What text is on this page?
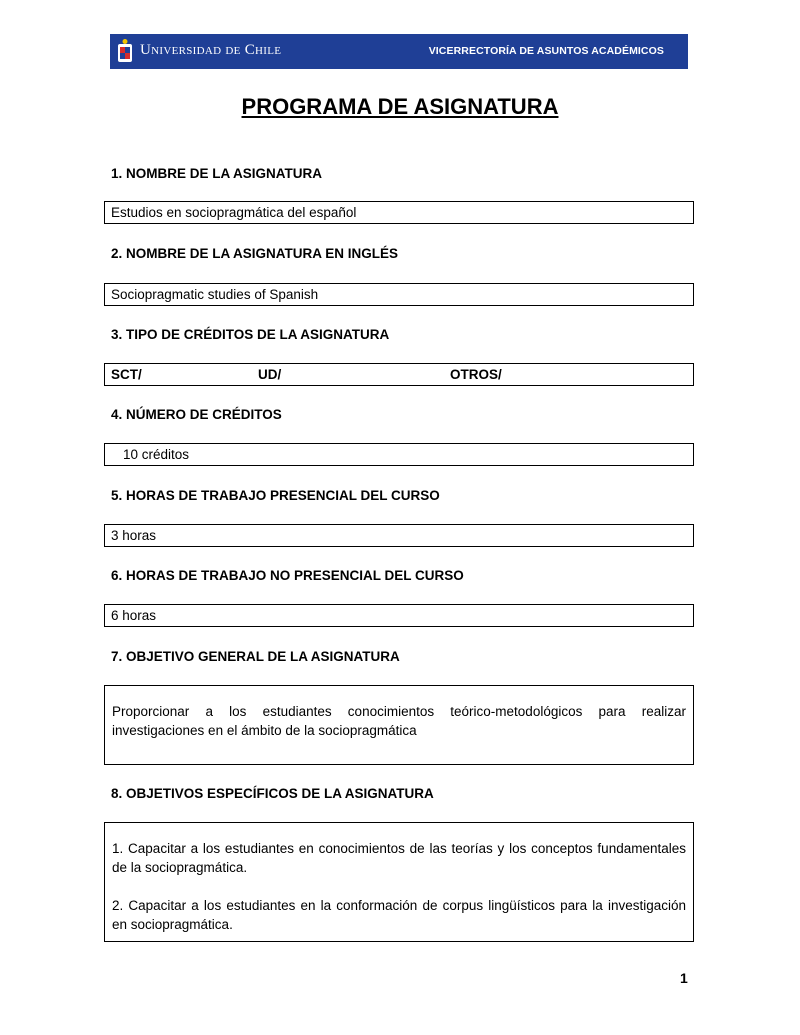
Universidad de Chile	VICERRECTORÍA DE ASUNTOS ACADÉMICOS
PROGRAMA DE ASIGNATURA
1. NOMBRE DE LA ASIGNATURA
Estudios en sociopragmática del español
2. NOMBRE DE LA ASIGNATURA EN INGLÉS
Sociopragmatic studies of Spanish
3. TIPO DE CRÉDITOS DE LA ASIGNATURA
SCT/	UD/	OTROS/
4. NÚMERO DE CRÉDITOS
10 créditos
5. HORAS DE TRABAJO PRESENCIAL DEL CURSO
3 horas
6. HORAS DE TRABAJO NO PRESENCIAL DEL CURSO
6 horas
7. OBJETIVO GENERAL DE LA ASIGNATURA

Proporcionar a los estudiantes conocimientos teórico-metodológicos para realizar investigaciones en el ámbito de la sociopragmática

8. OBJETIVOS ESPECÍFICOS DE LA ASIGNATURA

1. Capacitar a los estudiantes en conocimientos de las teorías y los conceptos fundamentales de la sociopragmática.

2. Capacitar a los estudiantes en la conformación de corpus lingüísticos para la investigación en sociopragmática.

1
